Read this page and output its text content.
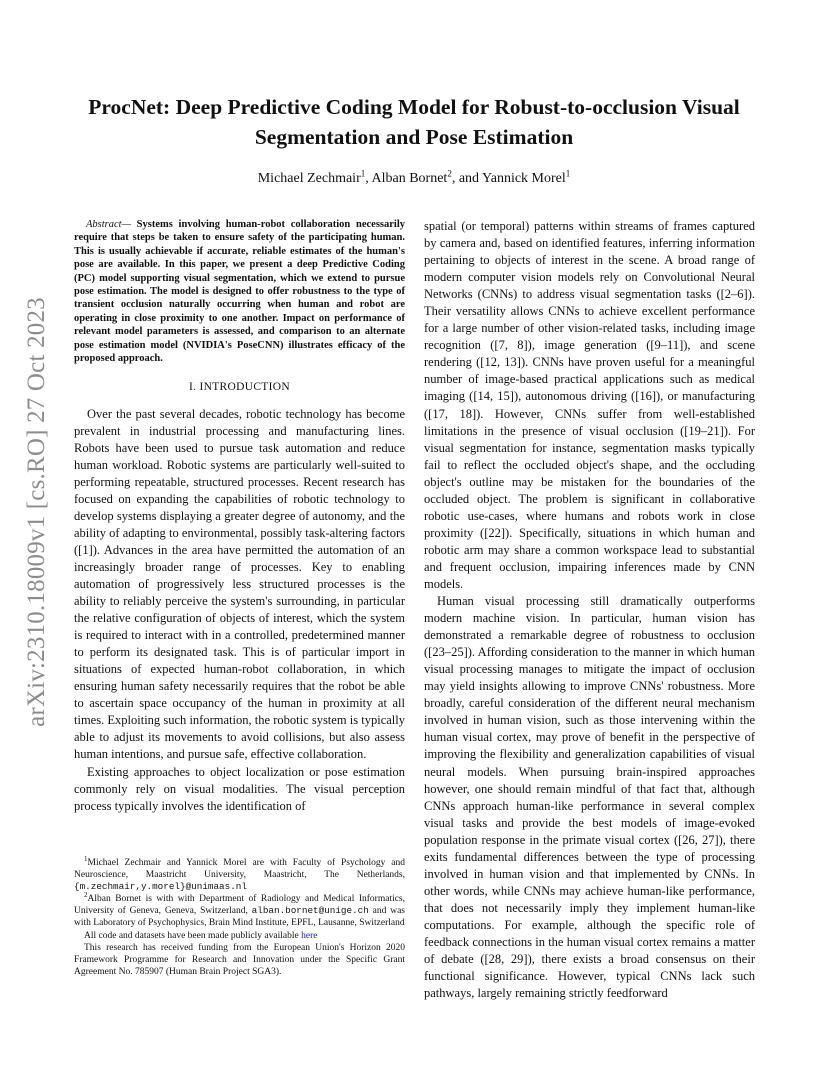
arXiv:2310.18009v1 [cs.RO] 27 Oct 2023
ProcNet: Deep Predictive Coding Model for Robust-to-occlusion Visual Segmentation and Pose Estimation
Michael Zechmair$^1$, Alban Bornet$^2$, and Yannick Morel$^1$

Abstract— Systems involving human-robot collaboration necessarily require that steps be taken to ensure safety of the participating human. This is usually achievable if accurate, reliable estimates of the human's pose are available. In this paper, we present a deep Predictive Coding (PC) model supporting visual segmentation, which we extend to pursue pose estimation. The model is designed to offer robustness to the type of transient occlusion naturally occurring when human and robot are operating in close proximity to one another. Impact on performance of relevant model parameters is assessed, and comparison to an alternate pose estimation model (NVIDIA's PoseCNN) illustrates efficacy of the proposed approach.

I. INTRODUCTION

Over the past several decades, robotic technology has become prevalent in industrial processing and manufacturing lines. Robots have been used to pursue task automation and reduce human workload. Robotic systems are particularly well-suited to performing repeatable, structured processes. Recent research has focused on expanding the capabilities of robotic technology to develop systems displaying a greater degree of autonomy, and the ability of adapting to environmental, possibly task-altering factors ([1]). Advances in the area have permitted the automation of an increasingly broader range of processes. Key to enabling automation of progressively less structured processes is the ability to reliably perceive the system's surrounding, in particular the relative configuration of objects of interest, which the system is required to interact with in a controlled, predetermined manner to perform its designated task. This is of particular import in situations of expected human-robot collaboration, in which ensuring human safety necessarily requires that the robot be able to ascertain space occupancy of the human in proximity at all times. Exploiting such information, the robotic system is typically able to adjust its movements to avoid collisions, but also assess human intentions, and pursue safe, effective collaboration.

Existing approaches to object localization or pose estimation commonly rely on visual modalities. The visual perception process typically involves the identification of

$^1$Michael Zechmair and Yannick Morel are with Faculty of Psychology and Neuroscience, Maastricht University, Maastricht, The Netherlands, {m.zechmair,y.morel}@unimaas.nl

$^2$Alban Bornet is with with Department of Radiology and Medical Informatics, University of Geneva, Geneva, Switzerland, alban.bornet@unige.ch and was with Laboratory of Psychophysics, Brain Mind Institute, EPFL, Lausanne, Switzerland

All code and datasets have been made publicly available here

This research has received funding from the European Union's Horizon 2020 Framework Programme for Research and Innovation under the Specific Grant Agreement No. 785907 (Human Brain Project SGA3).

spatial (or temporal) patterns within streams of frames captured by camera and, based on identified features, inferring information pertaining to objects of interest in the scene. A broad range of modern computer vision models rely on Convolutional Neural Networks (CNNs) to address visual segmentation tasks ([2–6]). Their versatility allows CNNs to achieve excellent performance for a large number of other vision-related tasks, including image recognition ([7, 8]), image generation ([9–11]), and scene rendering ([12, 13]). CNNs have proven useful for a meaningful number of image-based practical applications such as medical imaging ([14, 15]), autonomous driving ([16]), or manufacturing ([17, 18]). However, CNNs suffer from well-established limitations in the presence of visual occlusion ([19–21]). For visual segmentation for instance, segmentation masks typically fail to reflect the occluded object's shape, and the occluding object's outline may be mistaken for the boundaries of the occluded object. The problem is significant in collaborative robotic use-cases, where humans and robots work in close proximity ([22]). Specifically, situations in which human and robotic arm may share a common workspace lead to substantial and frequent occlusion, impairing inferences made by CNN models.

Human visual processing still dramatically outperforms modern machine vision. In particular, human vision has demonstrated a remarkable degree of robustness to occlusion ([23–25]). Affording consideration to the manner in which human visual processing manages to mitigate the impact of occlusion may yield insights allowing to improve CNNs' robustness. More broadly, careful consideration of the different neural mechanism involved in human vision, such as those intervening within the human visual cortex, may prove of benefit in the perspective of improving the flexibility and generalization capabilities of visual neural models. When pursuing brain-inspired approaches however, one should remain mindful of that fact that, although CNNs approach human-like performance in several complex visual tasks and provide the best models of image-evoked population response in the primate visual cortex ([26, 27]), there exits fundamental differences between the type of processing involved in human vision and that implemented by CNNs. In other words, while CNNs may achieve human-like performance, that does not necessarily imply they implement human-like computations. For example, although the specific role of feedback connections in the human visual cortex remains a matter of debate ([28, 29]), there exists a broad consensus on their functional significance. However, typical CNNs lack such pathways, largely remaining strictly feedforward
